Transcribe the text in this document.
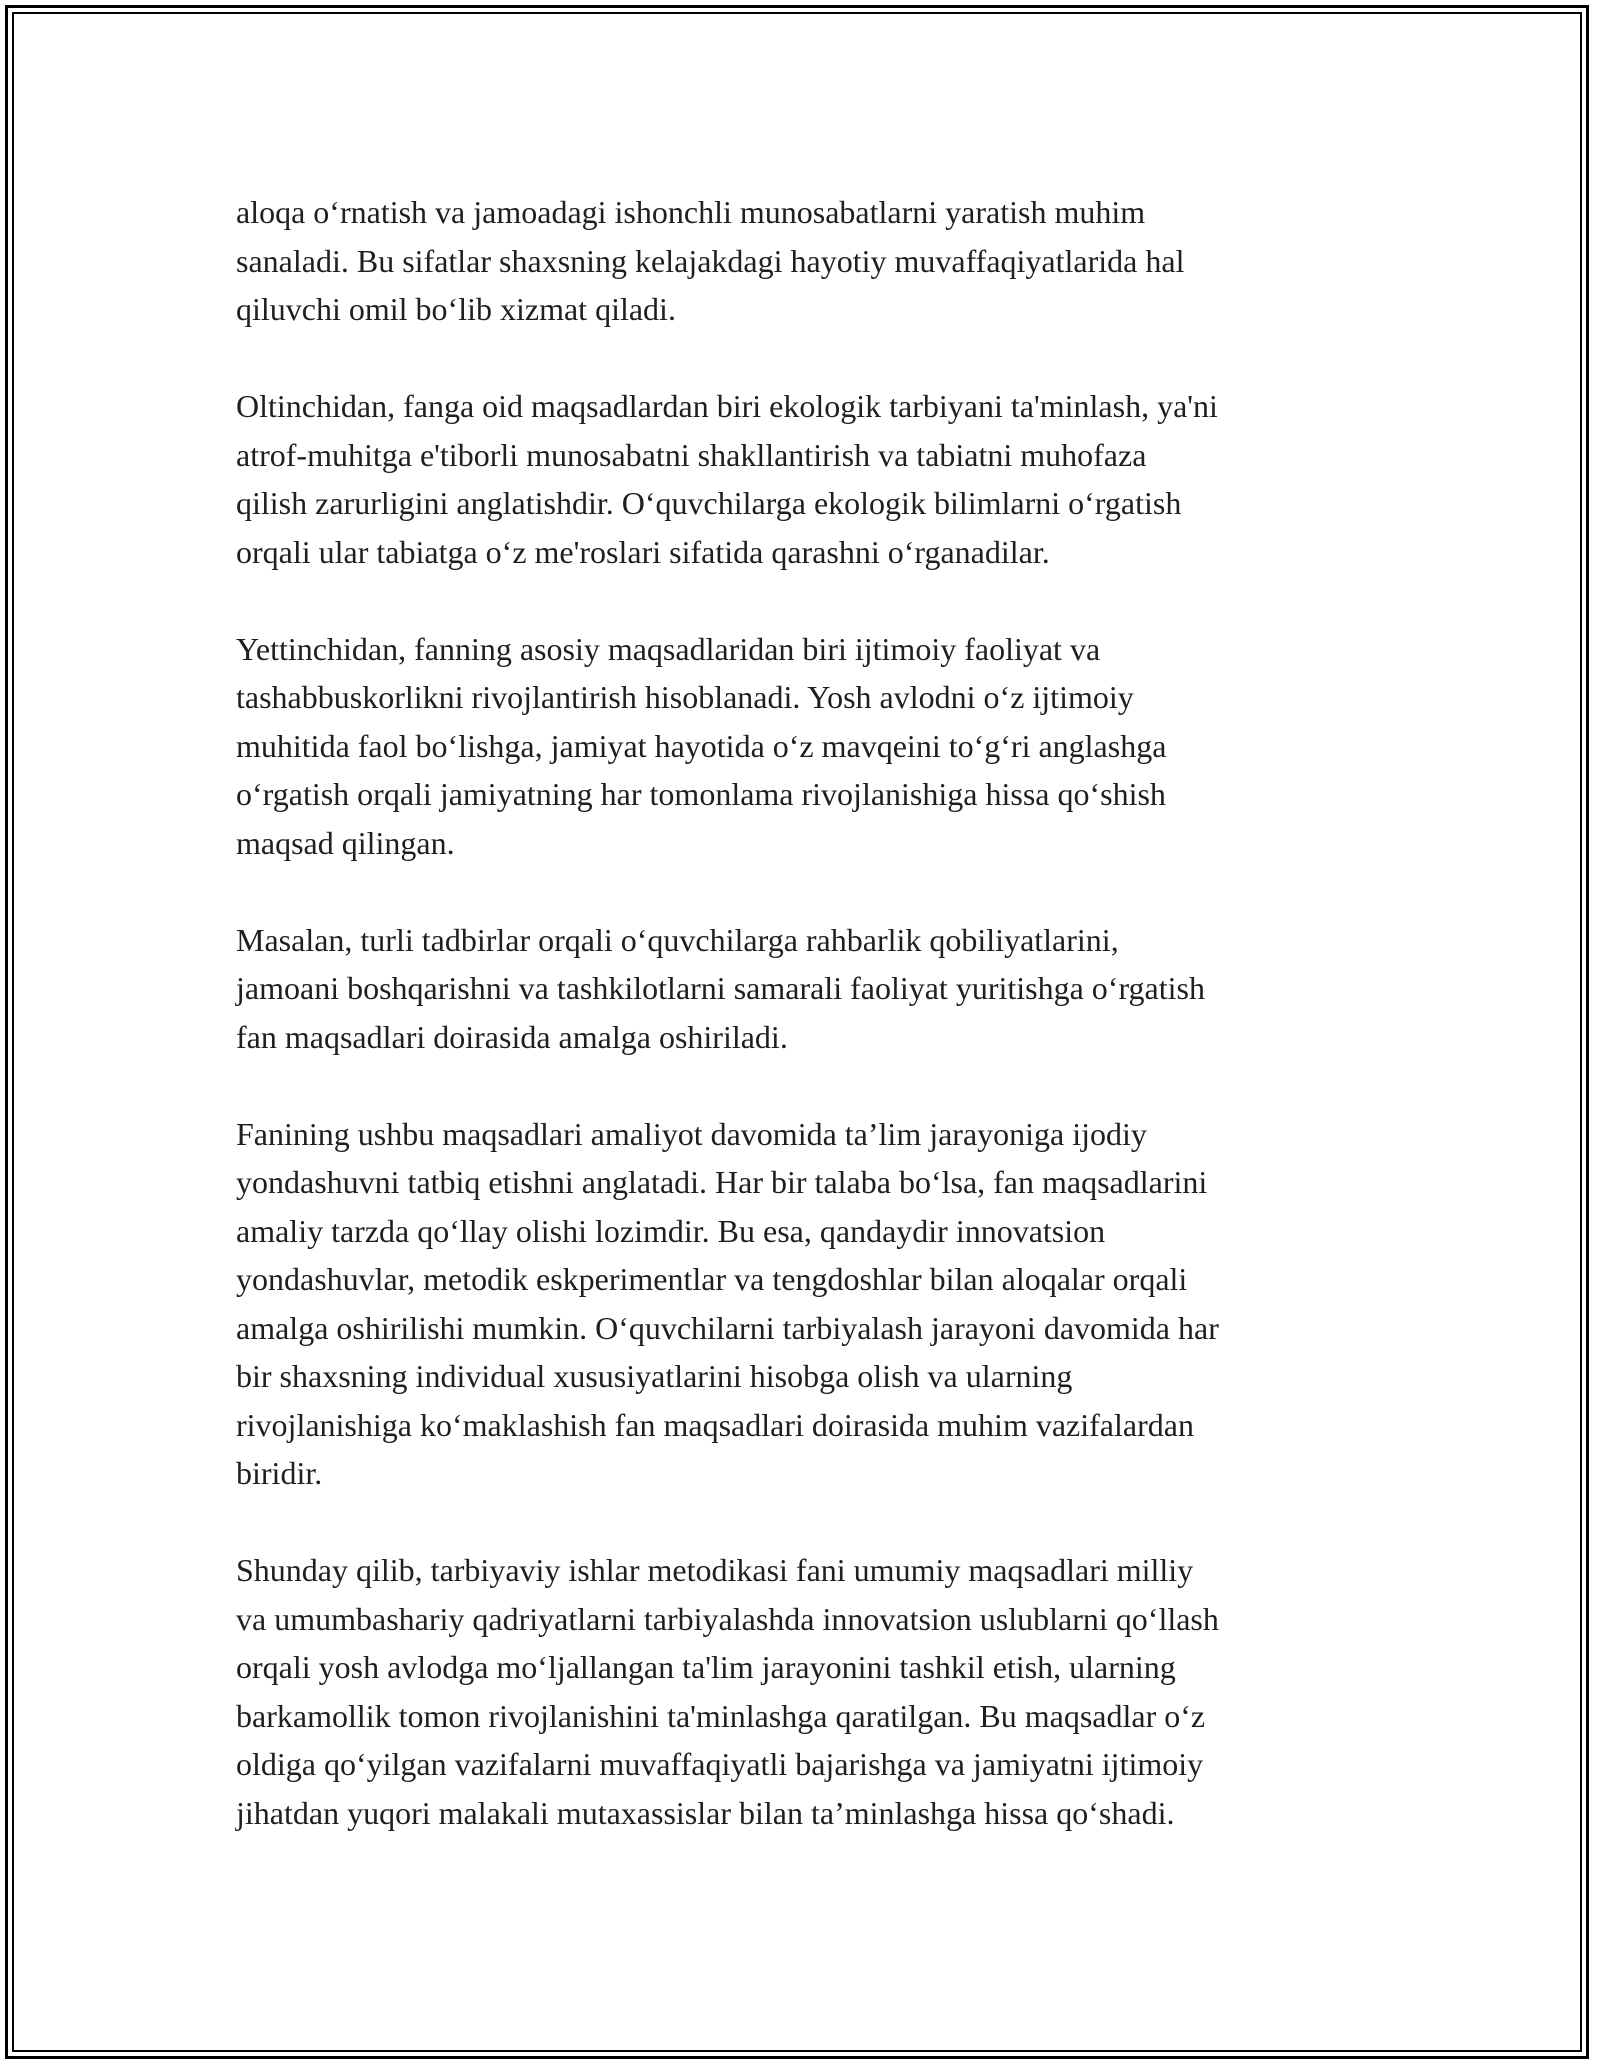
aloqa o‘rnatish va jamoadagi ishonchli munosabatlarni yaratish muhim
sanaladi. Bu sifatlar shaxsning kelajakdagi hayotiy muvaffaqiyatlarida hal
qiluvchi omil bo‘lib xizmat qiladi.

Oltinchidan, fanga oid maqsadlardan biri ekologik tarbiyani ta'minlash, ya'ni
atrof-muhitga e'tiborli munosabatni shakllantirish va tabiatni muhofaza
qilish zarurligini anglatishdir. O‘quvchilarga ekologik bilimlarni o‘rgatish
orqali ular tabiatga o‘z me'roslari sifatida qarashni o‘rganadilar.

Yettinchidan, fanning asosiy maqsadlaridan biri ijtimoiy faoliyat va
tashabbuskorlikni rivojlantirish hisoblanadi. Yosh avlodni o‘z ijtimoiy
muhitida faol bo‘lishga, jamiyat hayotida o‘z mavqeini to‘g‘ri anglashga
o‘rgatish orqali jamiyatning har tomonlama rivojlanishiga hissa qo‘shish
maqsad qilingan.

Masalan, turli tadbirlar orqali o‘quvchilarga rahbarlik qobiliyatlarini,
jamoani boshqarishni va tashkilotlarni samarali faoliyat yuritishga o‘rgatish
fan maqsadlari doirasida amalga oshiriladi.

Fanining ushbu maqsadlari amaliyot davomida ta’lim jarayoniga ijodiy
yondashuvni tatbiq etishni anglatadi. Har bir talaba bo‘lsa, fan maqsadlarini
amaliy tarzda qo‘llay olishi lozimdir. Bu esa, qandaydir innovatsion
yondashuvlar, metodik eskperimentlar va tengdoshlar bilan aloqalar orqali
amalga oshirilishi mumkin. O‘quvchilarni tarbiyalash jarayoni davomida har
bir shaxsning individual xususiyatlarini hisobga olish va ularning
rivojlanishiga ko‘maklashish fan maqsadlari doirasida muhim vazifalardan
biridir.

Shunday qilib, tarbiyaviy ishlar metodikasi fani umumiy maqsadlari milliy
va umumbashariy qadriyatlarni tarbiyalashda innovatsion uslublarni qo‘llash
orqali yosh avlodga mo‘ljallangan ta'lim jarayonini tashkil etish, ularning
barkamollik tomon rivojlanishini ta'minlashga qaratilgan. Bu maqsadlar o‘z
oldiga qo‘yilgan vazifalarni muvaffaqiyatli bajarishga va jamiyatni ijtimoiy
jihatdan yuqori malakali mutaxassislar bilan ta’minlashga hissa qo‘shadi.
